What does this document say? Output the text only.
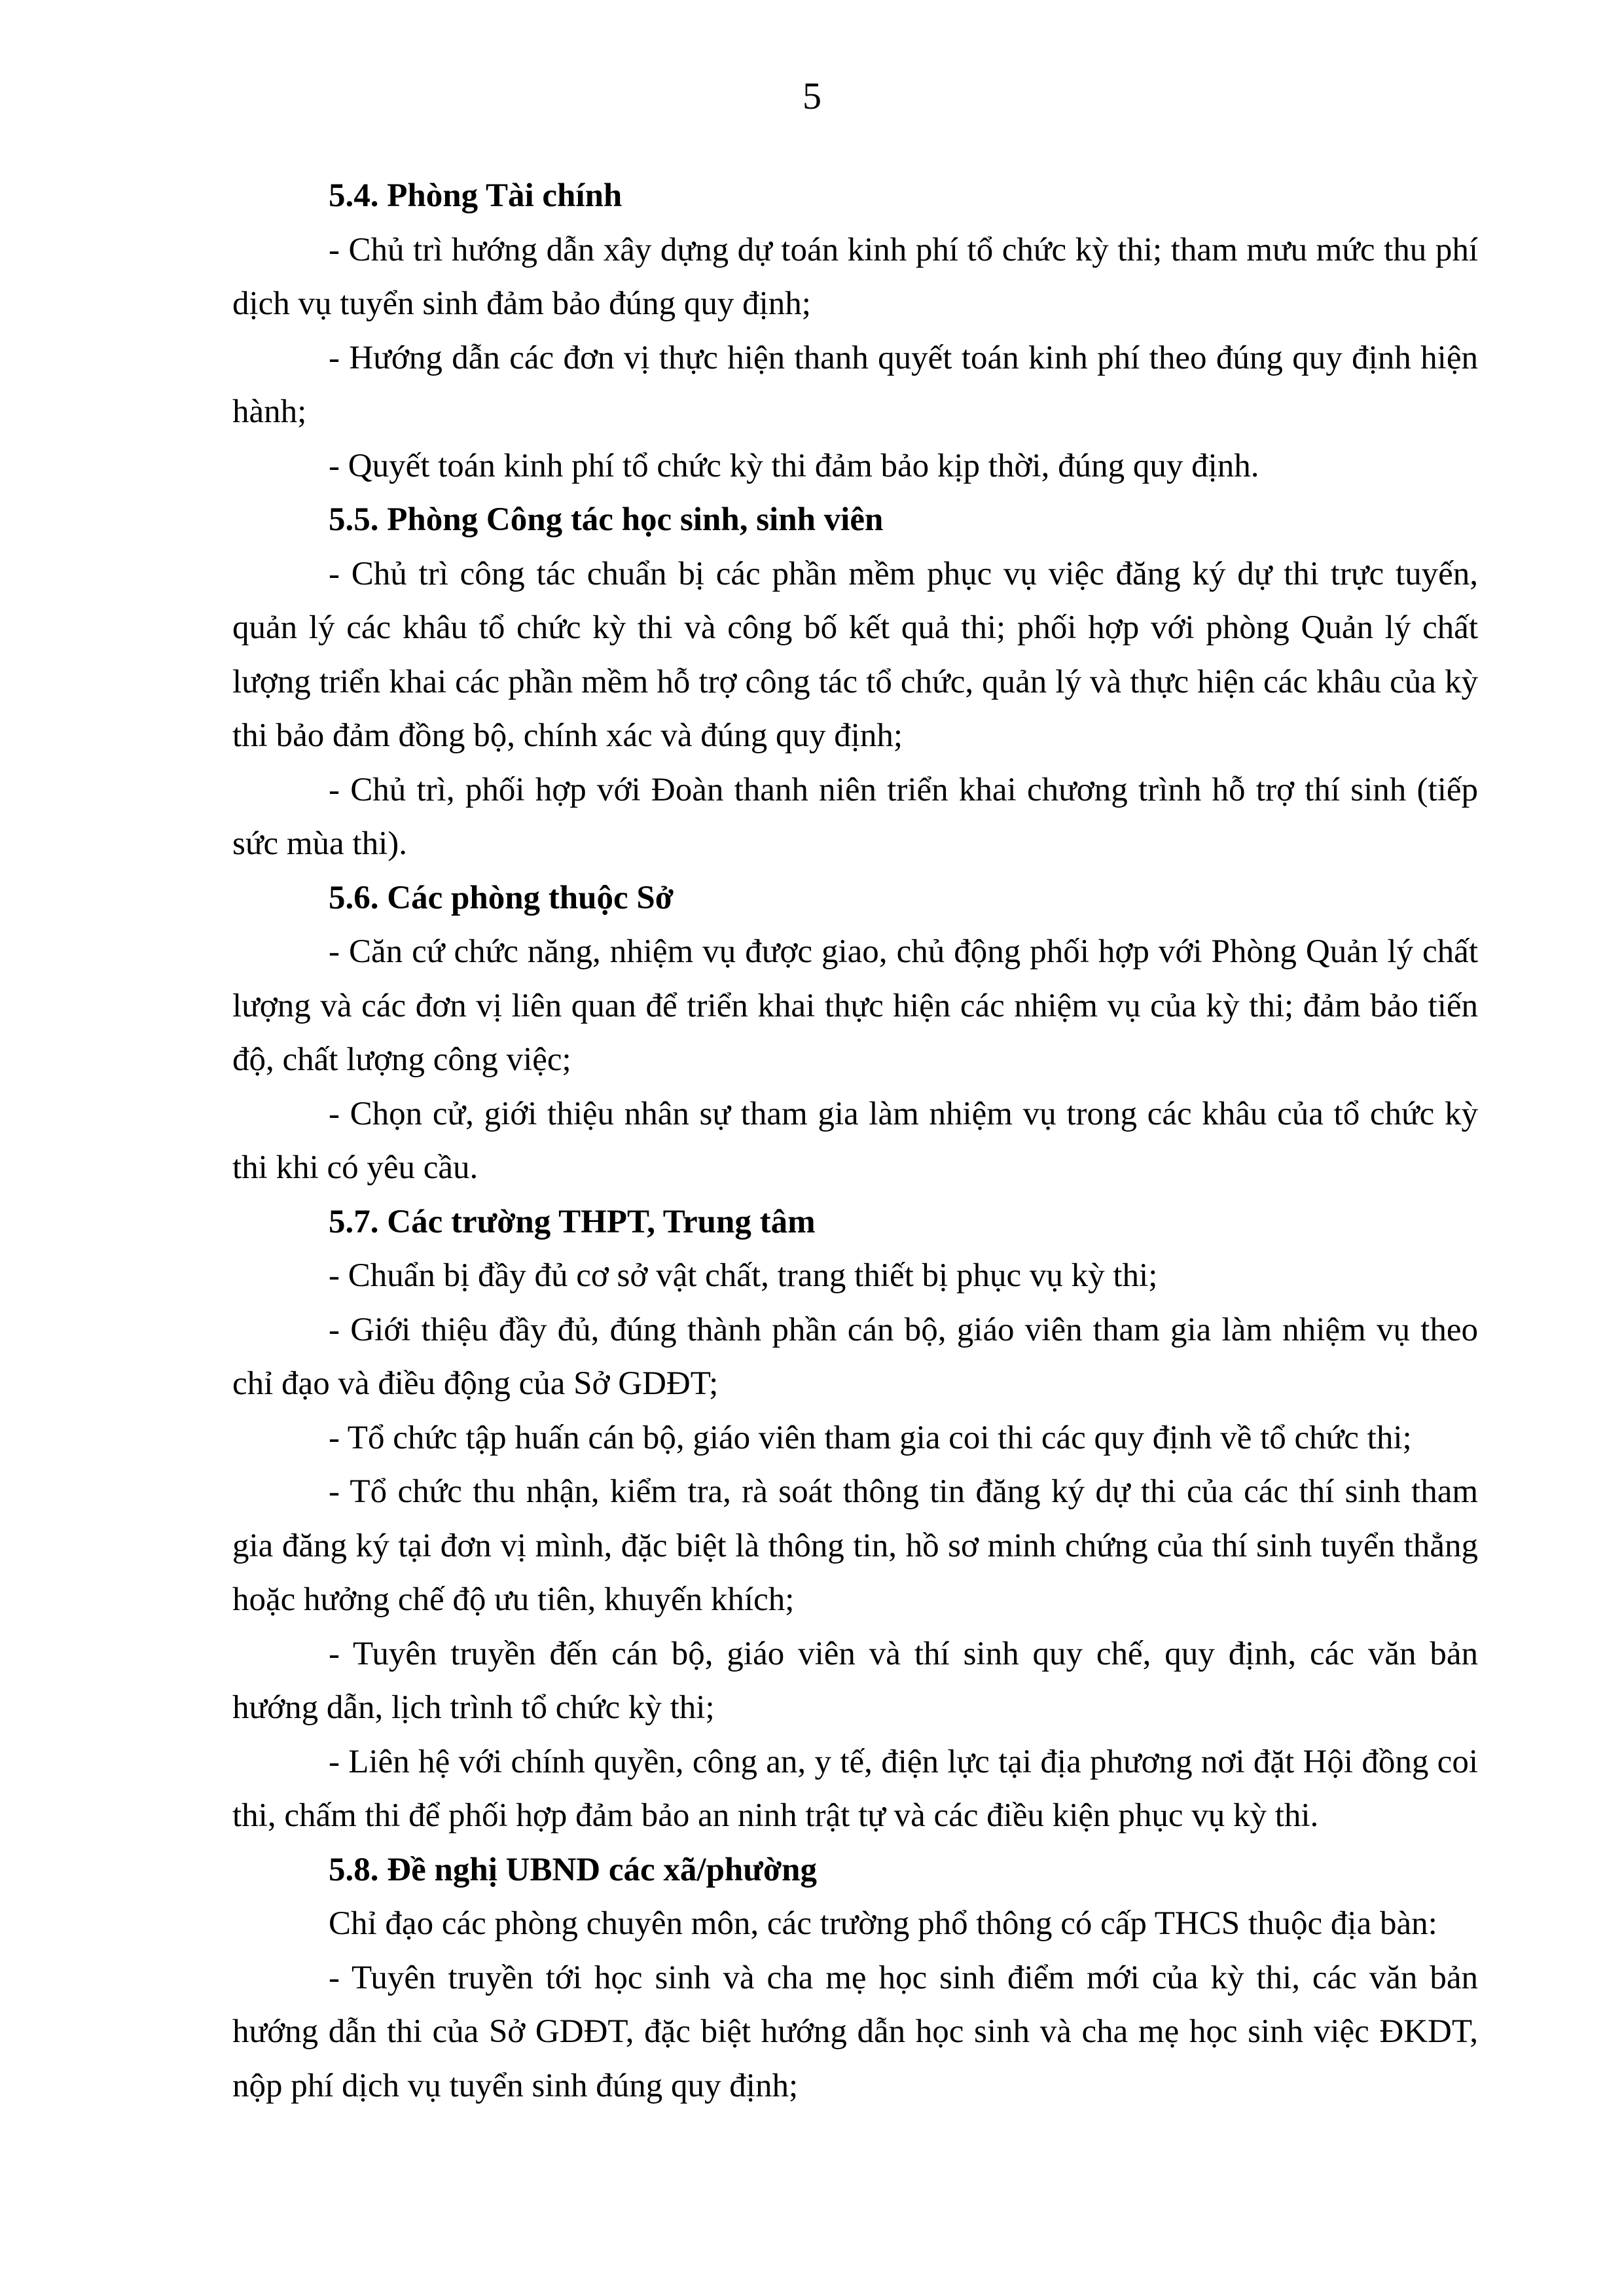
5

5.4. Phòng Tài chính

- Chủ trì hướng dẫn xây dựng dự toán kinh phí tổ chức kỳ thi; tham mưu mức thu phí dịch vụ tuyển sinh đảm bảo đúng quy định;

- Hướng dẫn các đơn vị thực hiện thanh quyết toán kinh phí theo đúng quy định hiện hành;

- Quyết toán kinh phí tổ chức kỳ thi đảm bảo kịp thời, đúng quy định.

5.5. Phòng Công tác học sinh, sinh viên

- Chủ trì công tác chuẩn bị các phần mềm phục vụ việc đăng ký dự thi trực tuyến, quản lý các khâu tổ chức kỳ thi và công bố kết quả thi; phối hợp với phòng Quản lý chất lượng triển khai các phần mềm hỗ trợ công tác tổ chức, quản lý và thực hiện các khâu của kỳ thi bảo đảm đồng bộ, chính xác và đúng quy định;

- Chủ trì, phối hợp với Đoàn thanh niên triển khai chương trình hỗ trợ thí sinh (tiếp sức mùa thi).

5.6. Các phòng thuộc Sở

- Căn cứ chức năng, nhiệm vụ được giao, chủ động phối hợp với Phòng Quản lý chất lượng và các đơn vị liên quan để triển khai thực hiện các nhiệm vụ của kỳ thi; đảm bảo tiến độ, chất lượng công việc;

- Chọn cử, giới thiệu nhân sự tham gia làm nhiệm vụ trong các khâu của tổ chức kỳ thi khi có yêu cầu.

5.7. Các trường THPT, Trung tâm

- Chuẩn bị đầy đủ cơ sở vật chất, trang thiết bị phục vụ kỳ thi;

- Giới thiệu đầy đủ, đúng thành phần cán bộ, giáo viên tham gia làm nhiệm vụ theo chỉ đạo và điều động của Sở GDĐT;

- Tổ chức tập huấn cán bộ, giáo viên tham gia coi thi các quy định về tổ chức thi;

- Tổ chức thu nhận, kiểm tra, rà soát thông tin đăng ký dự thi của các thí sinh tham gia đăng ký tại đơn vị mình, đặc biệt là thông tin, hồ sơ minh chứng của thí sinh tuyển thẳng hoặc hưởng chế độ ưu tiên, khuyến khích;

- Tuyên truyền đến cán bộ, giáo viên và thí sinh quy chế, quy định, các văn bản hướng dẫn, lịch trình tổ chức kỳ thi;

- Liên hệ với chính quyền, công an, y tế, điện lực tại địa phương nơi đặt Hội đồng coi thi, chấm thi để phối hợp đảm bảo an ninh trật tự và các điều kiện phục vụ kỳ thi.

5.8. Đề nghị UBND các xã/phường

Chỉ đạo các phòng chuyên môn, các trường phổ thông có cấp THCS thuộc địa bàn:

- Tuyên truyền tới học sinh và cha mẹ học sinh điểm mới của kỳ thi, các văn bản hướng dẫn thi của Sở GDĐT, đặc biệt hướng dẫn học sinh và cha mẹ học sinh việc ĐKDT, nộp phí dịch vụ tuyển sinh đúng quy định;
